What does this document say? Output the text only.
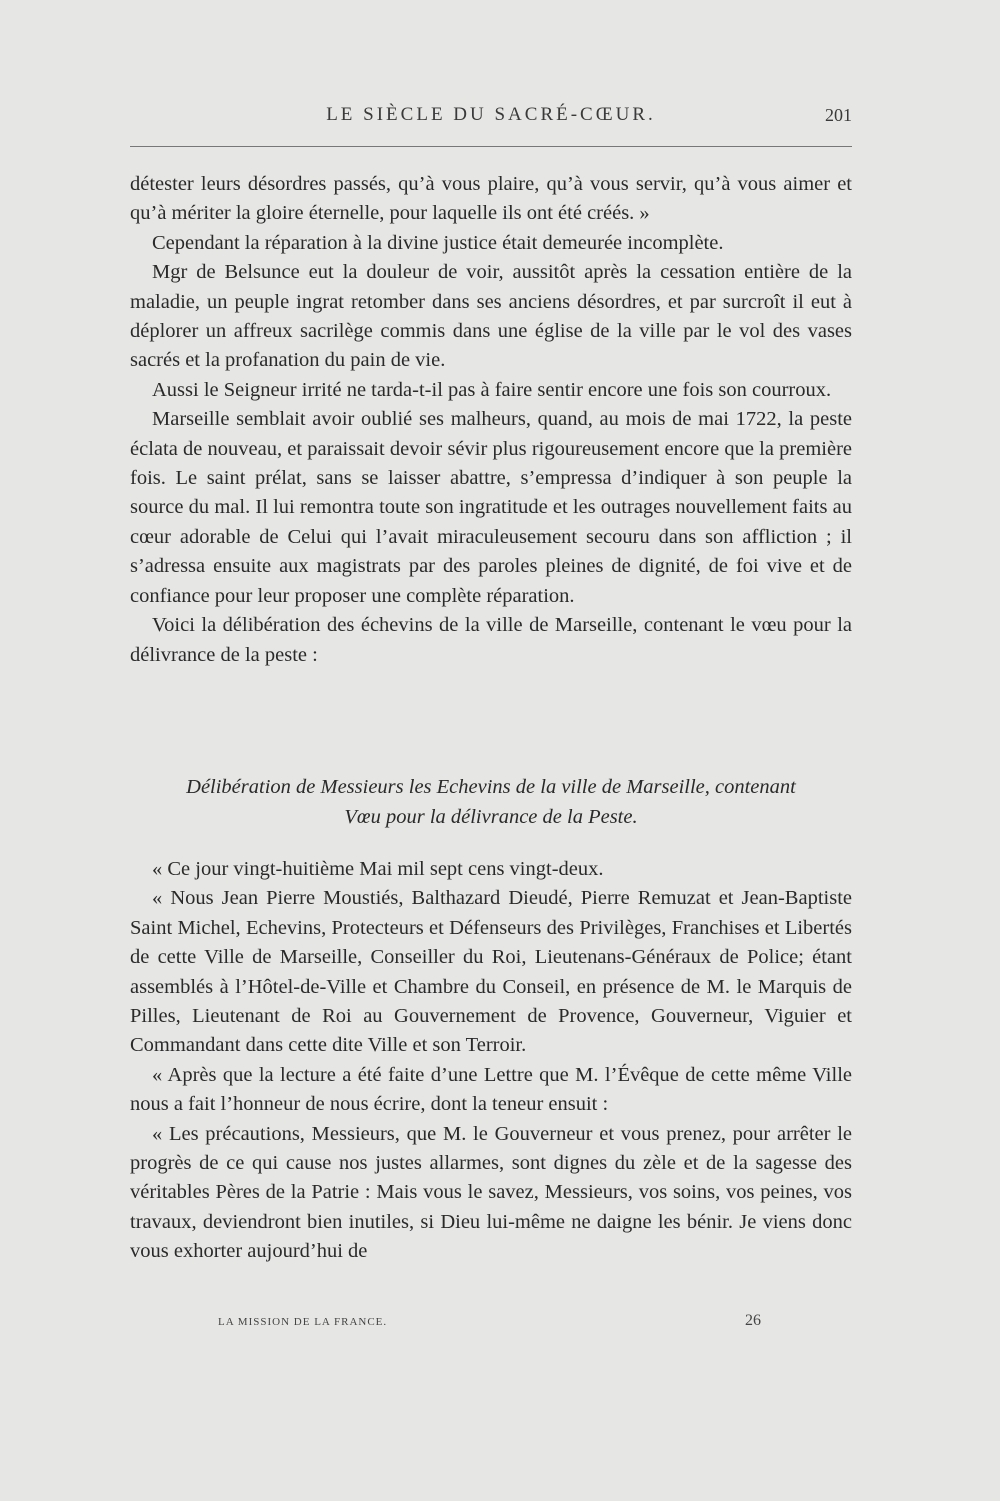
LE SIÈCLE DU SACRÉ-CŒUR.	201

détester leurs désordres passés, qu’à vous plaire, qu’à vous servir, qu’à vous aimer et qu’à mériter la gloire éternelle, pour laquelle ils ont été créés. »

Cependant la réparation à la divine justice était demeurée incomplète.

Mgr de Belsunce eut la douleur de voir, aussitôt après la cessation entière de la maladie, un peuple ingrat retomber dans ses anciens désordres, et par surcroît il eut à déplorer un affreux sacrilège commis dans une église de la ville par le vol des vases sacrés et la profanation du pain de vie.

Aussi le Seigneur irrité ne tarda-t-il pas à faire sentir encore une fois son courroux.

Marseille semblait avoir oublié ses malheurs, quand, au mois de mai 1722, la peste éclata de nouveau, et paraissait devoir sévir plus rigoureusement encore que la première fois. Le saint prélat, sans se laisser abattre, s’empressa d’indiquer à son peuple la source du mal. Il lui remontra toute son ingratitude et les outrages nouvellement faits au cœur adorable de Celui qui l’avait miraculeusement secouru dans son affliction ; il s’adressa ensuite aux magistrats par des paroles pleines de dignité, de foi vive et de confiance pour leur proposer une complète réparation.

Voici la délibération des échevins de la ville de Marseille, contenant le vœu pour la délivrance de la peste :

Délibération de Messieurs les Echevins de la ville de Marseille, contenant
Vœu pour la délivrance de la Peste.

« Ce jour vingt-huitième Mai mil sept cens vingt-deux.

« Nous Jean Pierre Moustiés, Balthazard Dieudé, Pierre Remuzat et Jean-Baptiste Saint Michel, Echevins, Protecteurs et Défenseurs des Privilèges, Franchises et Libertés de cette Ville de Marseille, Conseiller du Roi, Lieutenans-Généraux de Police; étant assemblés à l’Hôtel-de-Ville et Chambre du Conseil, en présence de M. le Marquis de Pilles, Lieutenant de Roi au Gouvernement de Provence, Gouverneur, Viguier et Commandant dans cette dite Ville et son Terroir.

« Après que la lecture a été faite d’une Lettre que M. l’Évêque de cette même Ville nous a fait l’honneur de nous écrire, dont la teneur ensuit :

« Les précautions, Messieurs, que M. le Gouverneur et vous prenez, pour arrêter le progrès de ce qui cause nos justes allarmes, sont dignes du zèle et de la sagesse des véritables Pères de la Patrie : Mais vous le savez, Messieurs, vos soins, vos peines, vos travaux, deviendront bien inutiles, si Dieu lui-même ne daigne les bénir. Je viens donc vous exhorter aujourd’hui de

LA MISSION DE LA FRANCE.	26
